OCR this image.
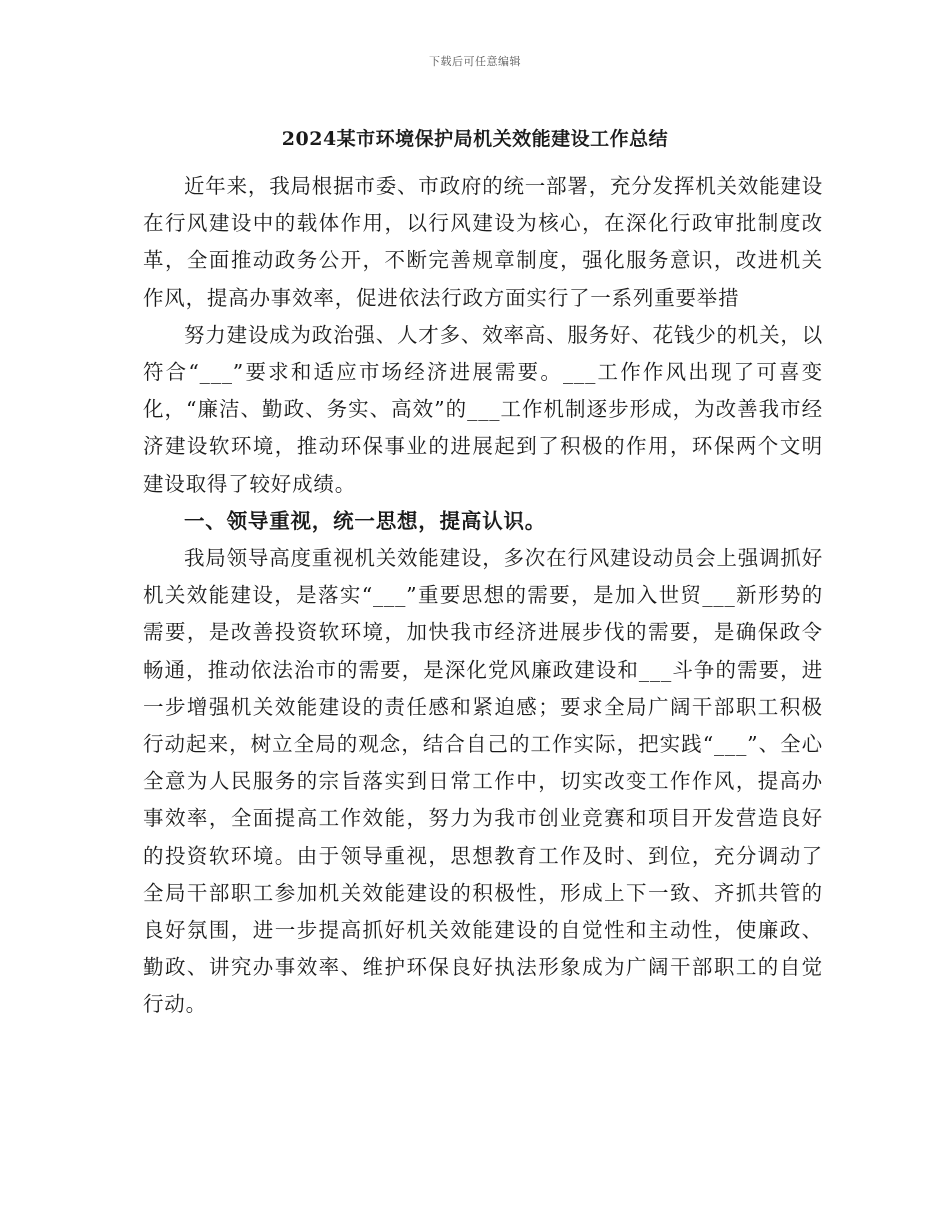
下载后可任意编辑
2024某市环境保护局机关效能建设工作总结

近年来，我局根据市委、市政府的统一部署，充分发挥机关效能建设在行风建设中的载体作用，以行风建设为核心，在深化行政审批制度改革，全面推动政务公开，不断完善规章制度，强化服务意识，改进机关作风，提高办事效率，促进依法行政方面实行了一系列重要举措

努力建设成为政治强、人才多、效率高、服务好、花钱少的机关，以符合“___”要求和适应市场经济进展需要。___工作作风出现了可喜变化，“廉洁、勤政、务实、高效”的___工作机制逐步形成，为改善我市经济建设软环境，推动环保事业的进展起到了积极的作用，环保两个文明建设取得了较好成绩。

一、领导重视，统一思想，提高认识。

我局领导高度重视机关效能建设，多次在行风建设动员会上强调抓好机关效能建设，是落实“___”重要思想的需要，是加入世贸___新形势的需要，是改善投资软环境，加快我市经济进展步伐的需要，是确保政令畅通，推动依法治市的需要，是深化党风廉政建设和___斗争的需要，进一步增强机关效能建设的责任感和紧迫感；要求全局广阔干部职工积极行动起来，树立全局的观念，结合自己的工作实际，把实践“___”、全心全意为人民服务的宗旨落实到日常工作中，切实改变工作作风，提高办事效率，全面提高工作效能，努力为我市创业竞赛和项目开发营造良好的投资软环境。由于领导重视，思想教育工作及时、到位，充分调动了全局干部职工参加机关效能建设的积极性，形成上下一致、齐抓共管的良好氛围，进一步提高抓好机关效能建设的自觉性和主动性，使廉政、勤政、讲究办事效率、维护环保良好执法形象成为广阔干部职工的自觉行动。
